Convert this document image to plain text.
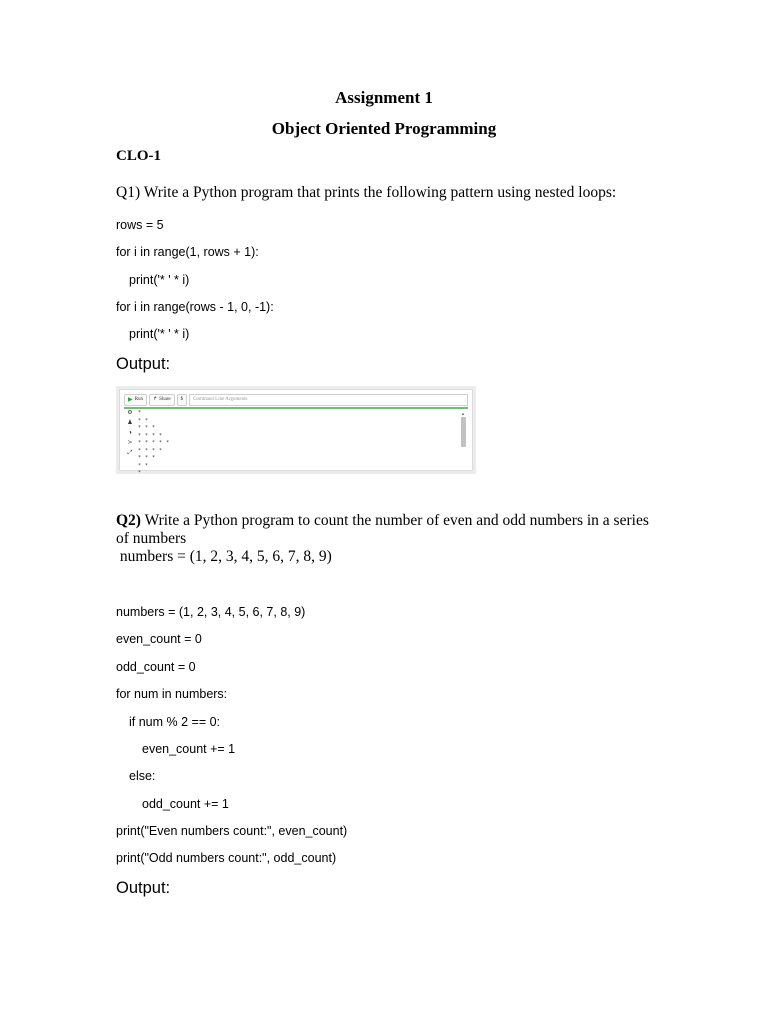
Assignment 1
Object Oriented Programming
CLO-1
Q1) Write a Python program that prints the following pattern using nested loops:
rows = 5
for i in range(1, rows + 1):
print('* ' * i)
for i in range(rows - 1, 0, -1):
print('* ' * i)
Output:
▶ Run ↱ Share	$	Command Line Arguments
⚙
♟
◑
≻
⤢
*
* *
* * *
* * * *
* * * * *
* * * *
* * *
* *
*
▲
Q2) Write a Python program to count the number of even and odd numbers in a series
of numbers
numbers = (1, 2, 3, 4, 5, 6, 7, 8, 9)
numbers = (1, 2, 3, 4, 5, 6, 7, 8, 9)
even_count = 0
odd_count = 0
for num in numbers:
if num % 2 == 0:
even_count += 1
else:
odd_count += 1
print("Even numbers count:", even_count)
print("Odd numbers count:", odd_count)
Output:
